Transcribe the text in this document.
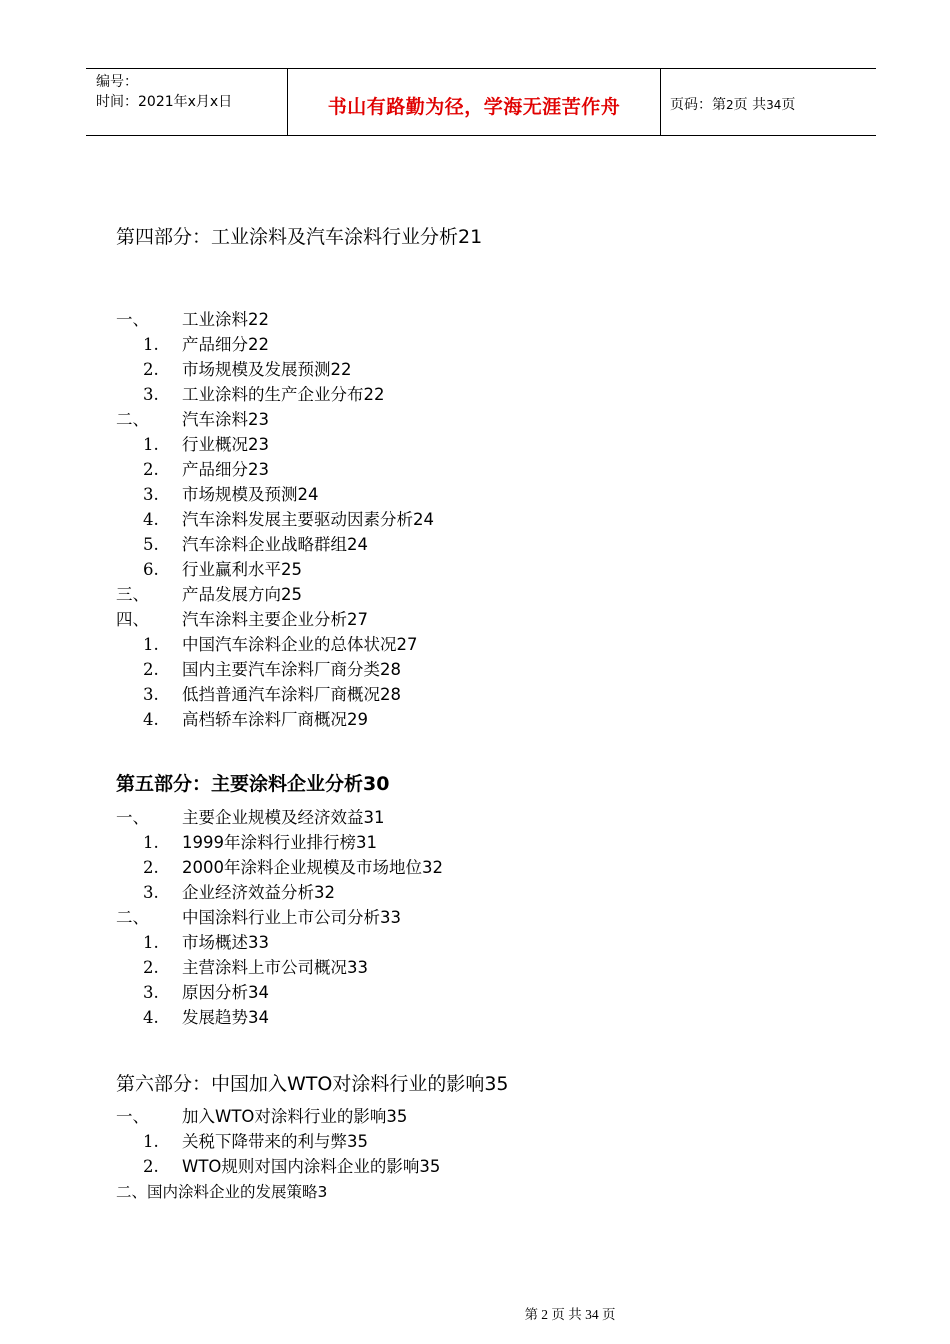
编号：
时间：2021年x月x日	书山有路勤为径，学海无涯苦作舟	页码：第2页 共34页
第四部分：工业涂料及汽车涂料行业分析21
一、 工业涂料22
1. 产品细分22
2. 市场规模及发展预测22
3. 工业涂料的生产企业分布22
二、 汽车涂料23
1. 行业概况23
2. 产品细分23
3. 市场规模及预测24
4. 汽车涂料发展主要驱动因素分析24
5. 汽车涂料企业战略群组24
6. 行业赢利水平25
三、 产品发展方向25
四、 汽车涂料主要企业分析27
1. 中国汽车涂料企业的总体状况27
2. 国内主要汽车涂料厂商分类28
3. 低挡普通汽车涂料厂商概况28
4. 高档轿车涂料厂商概况29
第五部分：主要涂料企业分析30
一、 主要企业规模及经济效益31
1. 1999年涂料行业排行榜31
2. 2000年涂料企业规模及市场地位32
3. 企业经济效益分析32
二、 中国涂料行业上市公司分析33
1. 市场概述33
2. 主营涂料上市公司概况33
3. 原因分析34
4. 发展趋势34
第六部分：中国加入WTO对涂料行业的影响35
一、 加入WTO对涂料行业的影响35
1. 关税下降带来的利与弊35
2. WTO规则对国内涂料企业的影响35
二、国内涂料企业的发展策略3
第 2 页 共 34 页
